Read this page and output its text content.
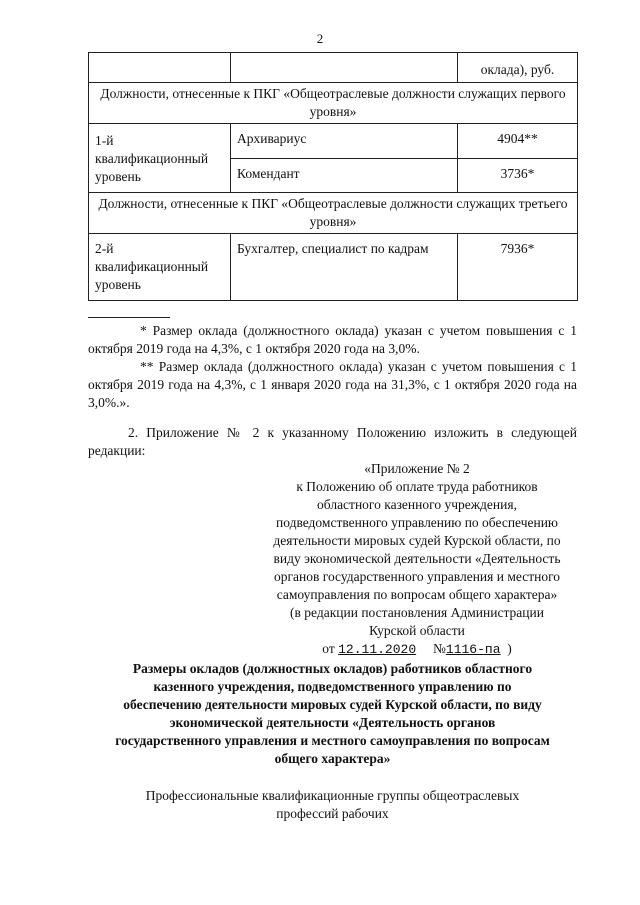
2
		оклада), руб.
Должности, отнесенные к ПКГ «Общеотраслевые должности служащих первого уровня»		
1-й квалификационный уровень	Архивариус	4904**
	Комендант	3736*
Должности, отнесенные к ПКГ «Общеотраслевые должности служащих третьего уровня»		
2-й квалификационный уровень	Бухгалтер, специалист по кадрам	7936*
* Размер оклада (должностного оклада) указан с учетом повышения с 1 октября 2019 года на 4,3%, с 1 октября 2020 года на 3,0%.
** Размер оклада (должностного оклада) указан с учетом повышения с 1 октября 2019 года на 4,3%, с 1 января 2020 года на 31,3%, с 1 октября 2020 года на 3,0%.».
2. Приложение № 2 к указанному Положению изложить в следующей редакции:
«Приложение № 2
к Положению об оплате труда работников
областного казенного учреждения,
подведомственного управлению по обеспечению
деятельности мировых судей Курской области, по
виду экономической деятельности «Деятельность
органов государственного управления и местного
самоуправления по вопросам общего характера»
(в редакции постановления Администрации
Курской области
от 12.11.2020 №1116-па )
Размеры окладов (должностных окладов) работников областного
казенного учреждения, подведомственного управлению по
обеспечению деятельности мировых судей Курской области, по виду
экономической деятельности «Деятельность органов
государственного управления и местного самоуправления по вопросам
общего характера»
Профессиональные квалификационные группы общеотраслевых
профессий рабочих
